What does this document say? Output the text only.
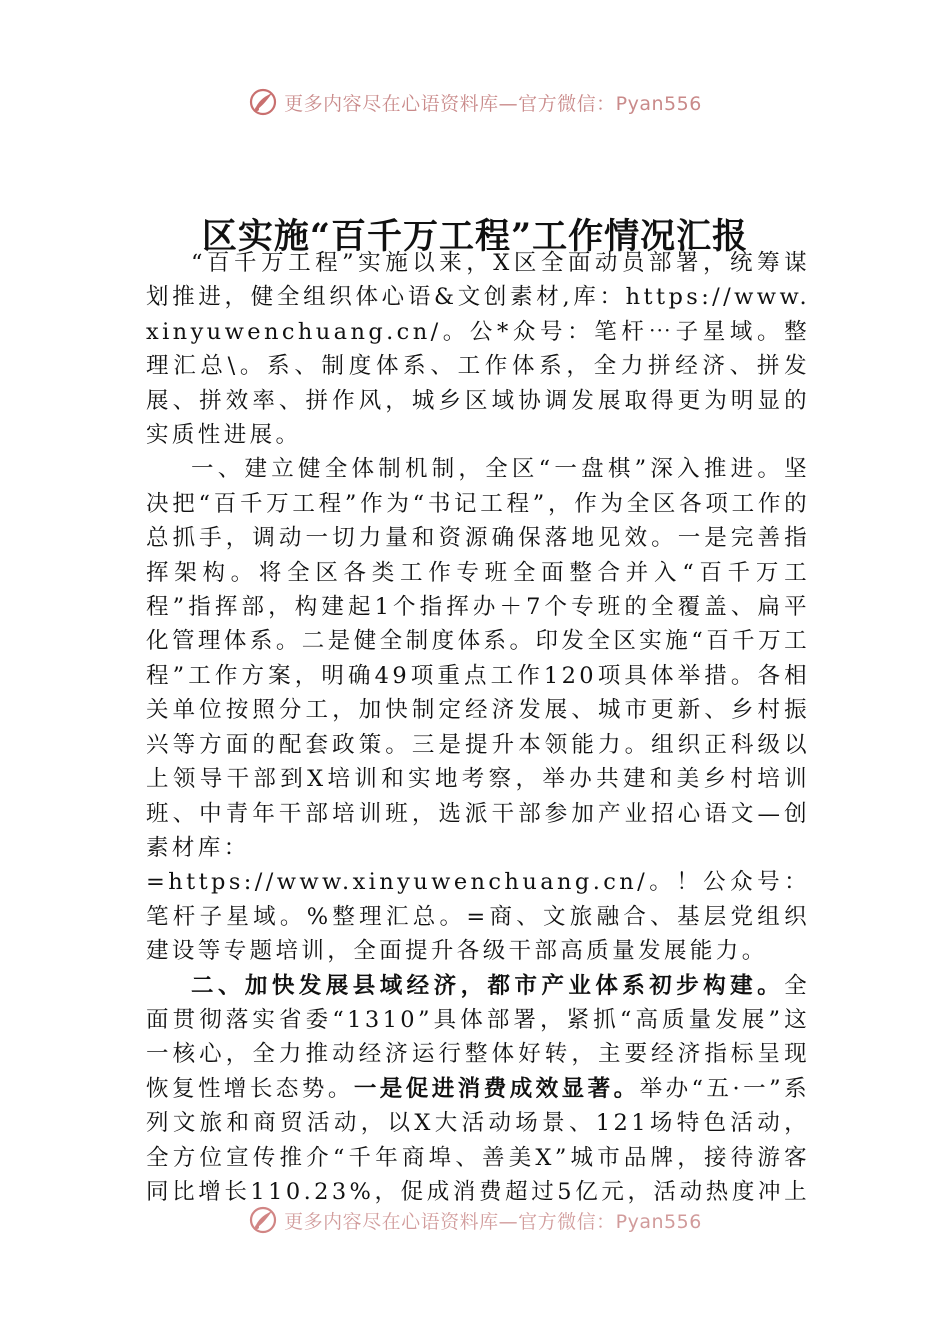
更多内容尽在心语资料库—官方微信：Pyan556
区实施“百千万工程”工作情况汇报

“百千万工程”实施以来，X区全面动员部署，统筹谋划推进，健全组织体心语&文创素材,库：https://www.xinyuwenchuang.cn/。公*众号：笔杆⋯子星域。整理汇总\。系、制度体系、工作体系，全力拼经济、拼发展、拼效率、拼作风，城乡区域协调发展取得更为明显的实质性进展。

一、建立健全体制机制，全区“一盘棋”深入推进。坚决把“百千万工程”作为“书记工程”，作为全区各项工作的总抓手，调动一切力量和资源确保落地见效。一是完善指挥架构。将全区各类工作专班全面整合并入“百千万工程”指挥部，构建起1个指挥办＋7个专班的全覆盖、扁平化管理体系。二是健全制度体系。印发全区实施“百千万工程”工作方案，明确49项重点工作120项具体举措。各相关单位按照分工，加快制定经济发展、城市更新、乡村振兴等方面的配套政策。三是提升本领能力。组织正科级以上领导干部到X培训和实地考察，举办共建和美乡村培训班、中青年干部培训班，选派干部参加产业招心语文—创素材库：

=https://www.xinyuwenchuang.cn/。！公众号：笔杆子星域。%整理汇总。=商、文旅融合、基层党组织建设等专题培训，全面提升各级干部高质量发展能力。

二、加快发展县域经济，都市产业体系初步构建。全面贯彻落实省委“1310”具体部署，紧抓“高质量发展”这一核心，全力推动经济运行整体好转，主要经济指标呈现恢复性增长态势。一是促进消费成效显著。举办“五·一”系列文旅和商贸活动，以X大活动场景、121场特色活动，全方位宣传推介“千年商埠、善美X”城市品牌，接待游客同比增长110.23%，促成消费超过5亿元，活动热度冲上

更多内容尽在心语资料库—官方微信：Pyan556
